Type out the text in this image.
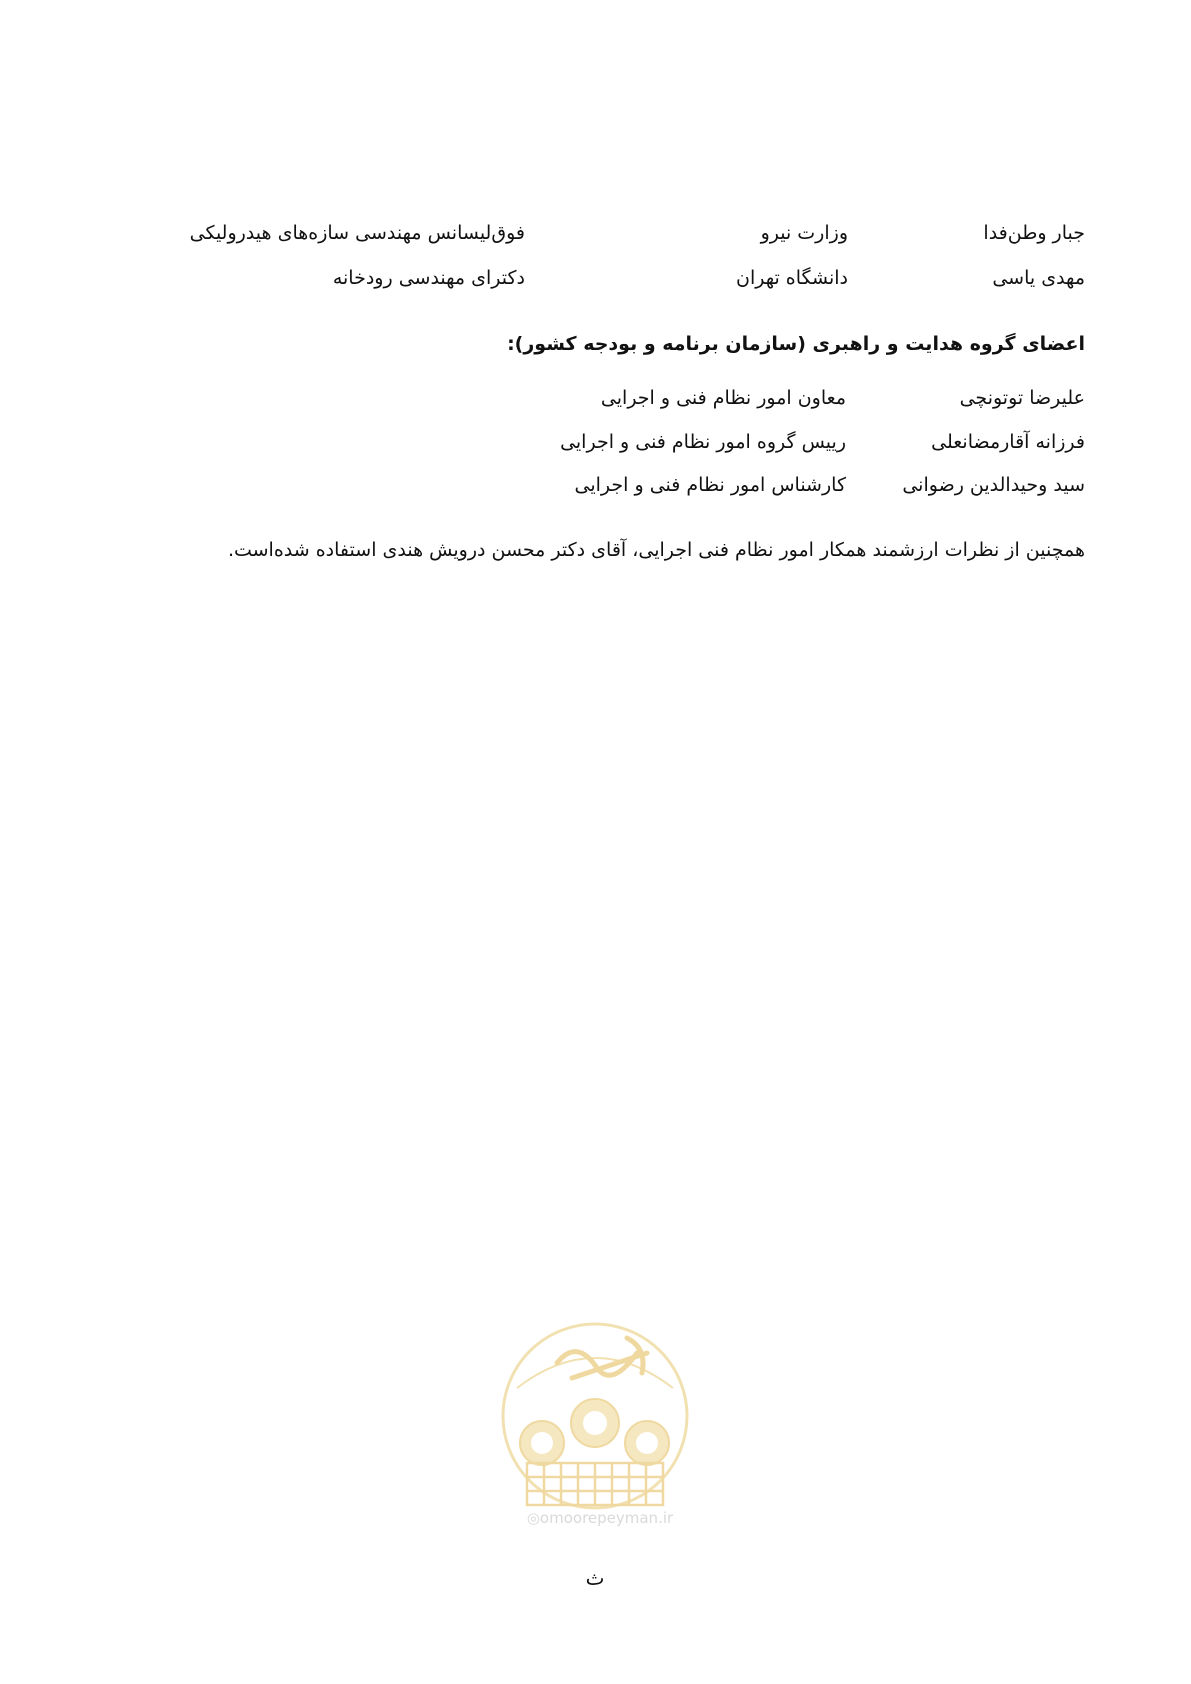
جبار وطن‌فدا
وزارت نیرو
فوق‌لیسانس مهندسی سازه‌های هیدرولیکی
مهدی یاسی
دانشگاه تهران
دکترای مهندسی رودخانه
اعضای گروه هدایت و راهبری (سازمان برنامه و بودجه کشور):
علیرضا توتونچی
معاون امور نظام فنی و اجرایی
فرزانه آقارمضانعلی
رییس گروه امور نظام فنی و اجرایی
سید وحیدالدین رضوانی
کارشناس امور نظام فنی و اجرایی
همچنین از نظرات ارزشمند همکار امور نظام فنی اجرایی، آقای دکتر محسن درویش هندی استفاده شده‌است.
◎omoorepeyman.ir
ث
